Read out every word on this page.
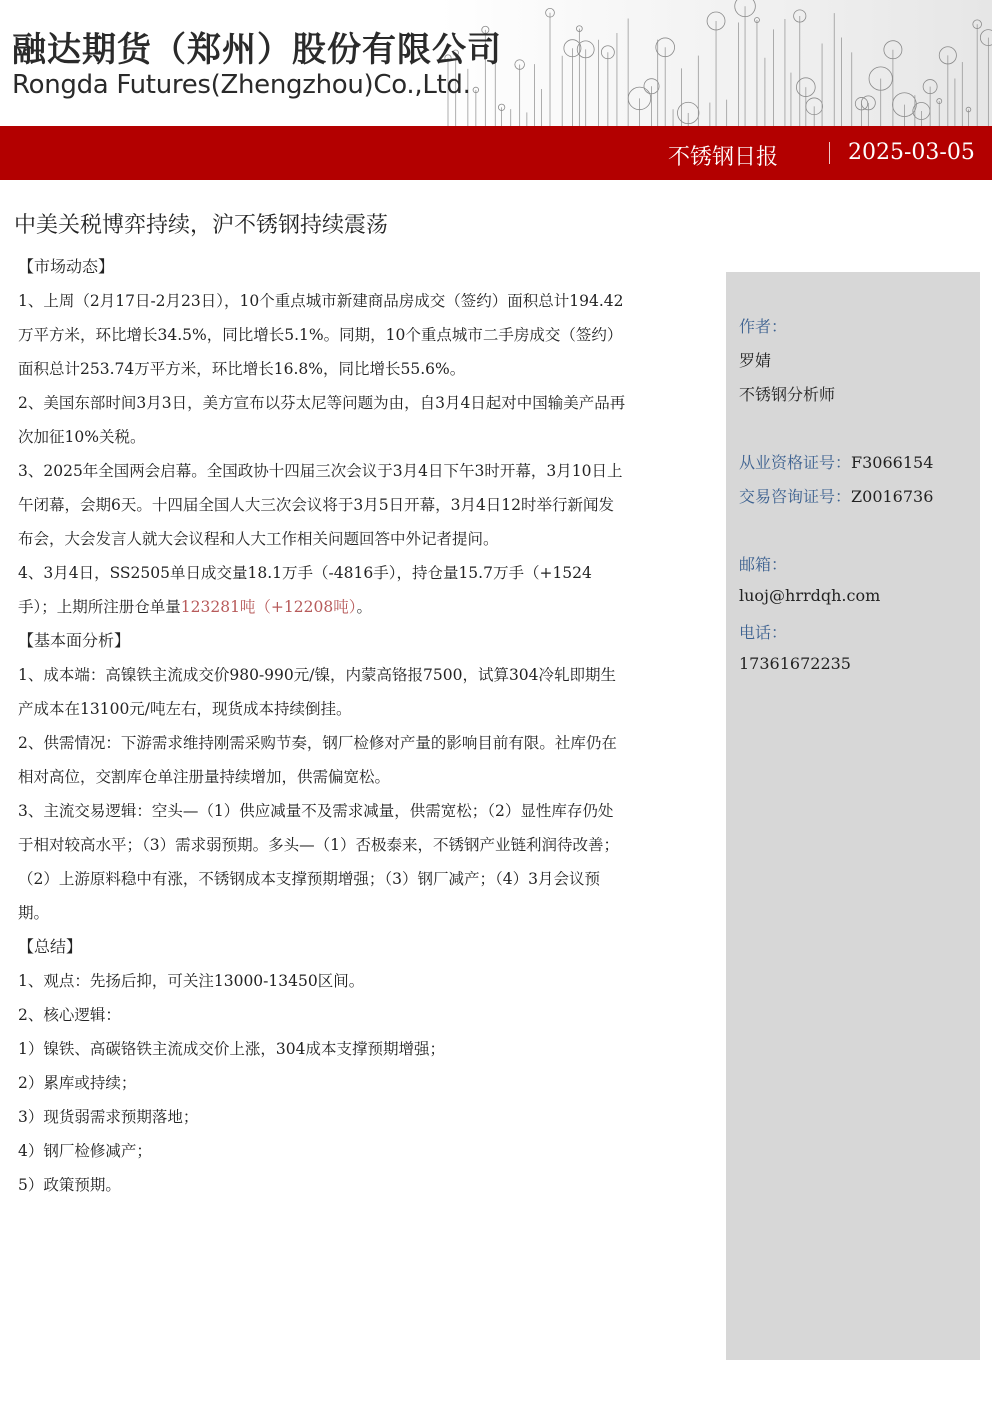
融达期货（郑州）股份有限公司
Rongda Futures(Zhengzhou)Co.,Ltd.
不锈钢日报	2025-03-05
中美关税博弈持续，沪不锈钢持续震荡

【市场动态】

1、上周（2月17日-2月23日），10个重点城市新建商品房成交（签约）面积总计194.42万平方米，环比增长34.5%，同比增长5.1%。同期，10个重点城市二手房成交（签约）面积总计253.74万平方米，环比增长16.8%，同比增长55.6%。

2、美国东部时间3月3日，美方宣布以芬太尼等问题为由，自3月4日起对中国输美产品再次加征10%关税。

3、2025年全国两会启幕。全国政协十四届三次会议于3月4日下午3时开幕，3月10日上午闭幕，会期6天。十四届全国人大三次会议将于3月5日开幕，3月4日12时举行新闻发布会，大会发言人就大会议程和人大工作相关问题回答中外记者提问。

4、3月4日，SS2505单日成交量18.1万手（-4816手），持仓量15.7万手（+1524手）；上期所注册仓单量123281吨（+12208吨）。

【基本面分析】

1、成本端：高镍铁主流成交价980-990元/镍，内蒙高铬报7500，试算304冷轧即期生产成本在13100元/吨左右，现货成本持续倒挂。

2、供需情况：下游需求维持刚需采购节奏，钢厂检修对产量的影响目前有限。社库仍在相对高位，交割库仓单注册量持续增加，供需偏宽松。

3、主流交易逻辑：空头—（1）供应减量不及需求减量，供需宽松；（2）显性库存仍处于相对较高水平；（3）需求弱预期。多头—（1）否极泰来，不锈钢产业链利润待改善；（2）上游原料稳中有涨，不锈钢成本支撑预期增强；（3）钢厂减产；（4）3月会议预期。

【总结】

1、观点：先扬后抑，可关注13000-13450区间。

2、核心逻辑：

1）镍铁、高碳铬铁主流成交价上涨，304成本支撑预期增强；

2）累库或持续；

3）现货弱需求预期落地；

4）钢厂检修减产；

5）政策预期。

作者：
罗婧
不锈钢分析师
从业资格证号：F3066154
交易咨询证号：Z0016736
邮箱：
luoj@hrrdqh.com
电话：
17361672235
